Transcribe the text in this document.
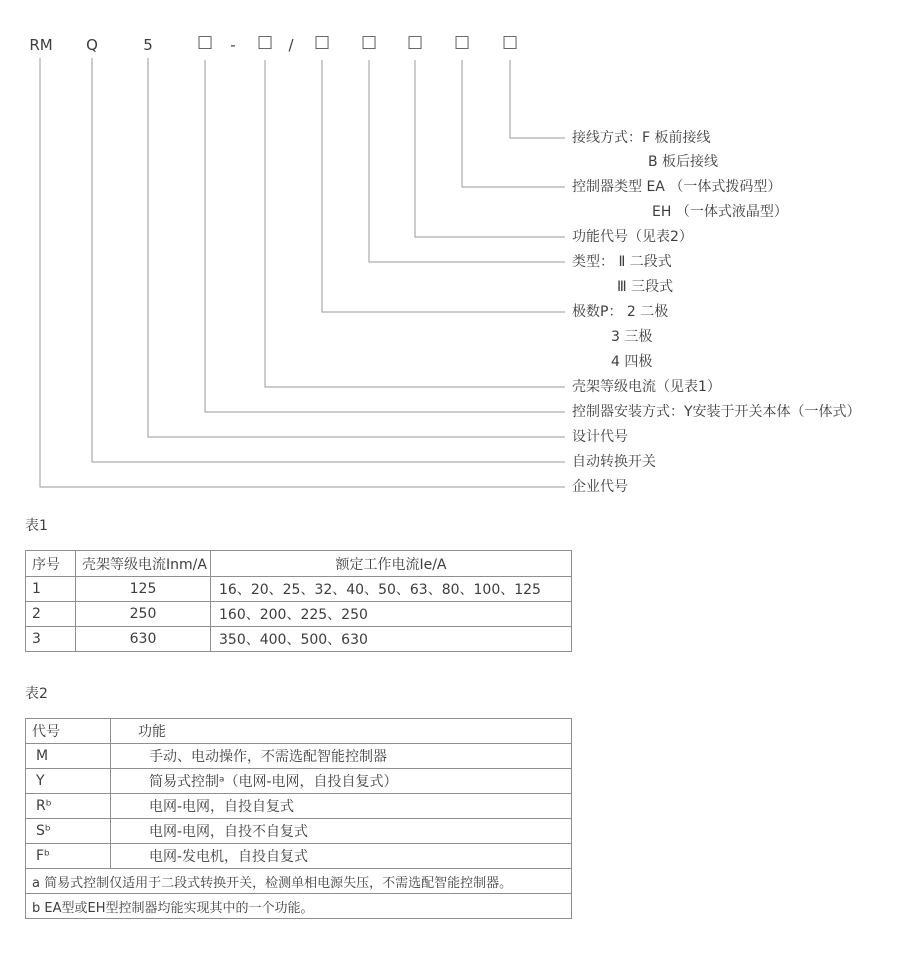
RM Q	5	□ - □ / □ □ □ □ □
接线方式：F 板前接线
B 板后接线
控制器类型 EA （一体式拨码型）
EH （一体式液晶型）
功能代号（见表2）
类型： Ⅱ 二段式
Ⅲ 三段式
极数P： 2 二极
3 三极
4 四极
壳架等级电流（见表1）
控制器安装方式：Y安装于开关本体（一体式）
设计代号
自动转换开关
企业代号
表1
序号	壳架等级电流Inm/A	额定工作电流Ie/A
1	125	16、20、25、32、40、50、63、80、100、125
2	250	160、200、225、250
3	630	350、400、500、630
表2
代号	功能
M	手动、电动操作，不需选配智能控制器
Y	简易式控制ᵃ（电网-电网，自投自复式）
Rᵇ	电网-电网，自投自复式
Sᵇ	电网-电网，自投不自复式
Fᵇ	电网-发电机，自投自复式
a 简易式控制仅适用于二段式转换开关，检测单相电源失压，不需选配智能控制器。	
b EA型或EH型控制器均能实现其中的一个功能。	
